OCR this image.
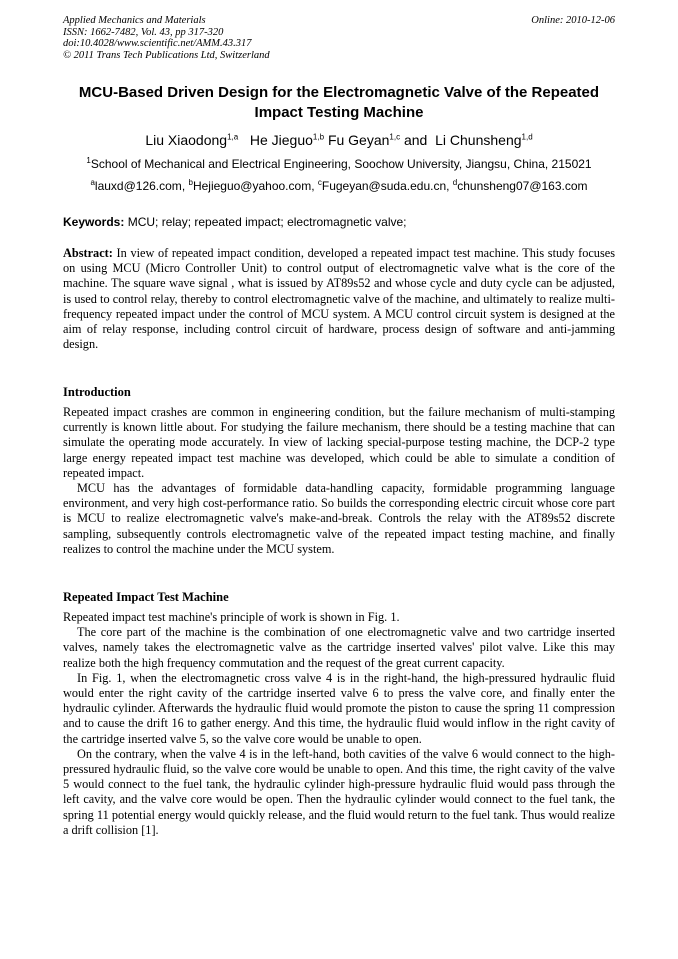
Applied Mechanics and Materials
ISSN: 1662-7482, Vol. 43, pp 317-320
doi:10.4028/www.scientific.net/AMM.43.317
© 2011 Trans Tech Publications Ltd, Switzerland
Online: 2010-12-06
MCU-Based Driven Design for the Electromagnetic Valve of the Repeated Impact Testing Machine
Liu Xiaodong$^{1,a}$ He Jieguo$^{1,b}$ Fu Geyan$^{1,c}$ and Li Chunsheng$^{1,d}$
$^1$School of Mechanical and Electrical Engineering, Soochow University, Jiangsu, China, 215021
$^a$lauxd@126.com, $^b$Hejieguo@yahoo.com, $^c$Fugeyan@suda.edu.cn, $^d$chunsheng07@163.com
Keywords: MCU; relay; repeated impact; electromagnetic valve;

Abstract: In view of repeated impact condition, developed a repeated impact test machine. This study focuses on using MCU (Micro Controller Unit) to control output of electromagnetic valve what is the core of the machine. The square wave signal , what is issued by AT89s52 and whose cycle and duty cycle can be adjusted, is used to control relay, thereby to control electromagnetic valve of the machine, and ultimately to realize multi-frequency repeated impact under the control of MCU system. A MCU control circuit system is designed at the aim of relay response, including control circuit of hardware, process design of software and anti-jamming design.

Introduction

Repeated impact crashes are common in engineering condition, but the failure mechanism of multi-stamping currently is known little about. For studying the failure mechanism, there should be a testing machine that can simulate the operating mode accurately. In view of lacking special-purpose testing machine, the DCP-2 type large energy repeated impact test machine was developed, which could be able to simulate a condition of repeated impact.

MCU has the advantages of formidable data-handling capacity, formidable programming language environment, and very high cost-performance ratio. So builds the corresponding electric circuit whose core part is MCU to realize electromagnetic valve's make-and-break. Controls the relay with the AT89s52 discrete sampling, subsequently controls electromagnetic valve of the repeated impact testing machine, and finally realizes to control the machine under the MCU system.

Repeated Impact Test Machine

Repeated impact test machine's principle of work is shown in Fig. 1.

The core part of the machine is the combination of one electromagnetic valve and two cartridge inserted valves, namely takes the electromagnetic valve as the cartridge inserted valves' pilot valve. Like this may realize both the high frequency commutation and the request of the great current capacity.

In Fig. 1, when the electromagnetic cross valve 4 is in the right-hand, the high-pressured hydraulic fluid would enter the right cavity of the cartridge inserted valve 6 to press the valve core, and finally enter the hydraulic cylinder. Afterwards the hydraulic fluid would promote the piston to cause the spring 11 compression and to cause the drift 16 to gather energy. And this time, the hydraulic fluid would inflow in the right cavity of the cartridge inserted valve 5, so the valve core would be unable to open.

On the contrary, when the valve 4 is in the left-hand, both cavities of the valve 6 would connect to the high-pressured hydraulic fluid, so the valve core would be unable to open. And this time, the right cavity of the valve 5 would connect to the fuel tank, the hydraulic cylinder high-pressure hydraulic fluid would pass through the left cavity, and the valve core would be open. Then the hydraulic cylinder would connect to the fuel tank, the spring 11 potential energy would quickly release, and the fluid would return to the fuel tank. Thus would realize a drift collision [1].
